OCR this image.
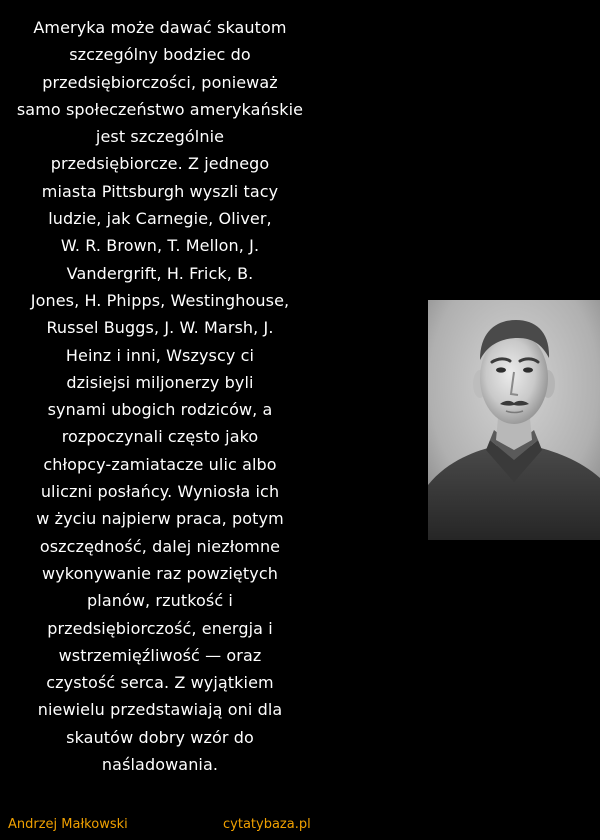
Ameryka może dawać skautom
szczególny bodziec do
przedsiębiorczości, ponieważ
samo społeczeństwo amerykańskie
jest szczególnie
przedsiębiorcze. Z jednego
miasta Pittsburgh wyszli tacy
ludzie, jak Carnegie, Oliver,
W. R. Brown, T. Mellon, J.
Vandergrift, H. Frick, B.
Jones, H. Phipps, Westinghouse,
Russel Buggs, J. W. Marsh, J.
Heinz i inni, Wszyscy ci
dzisiejsi miljonerzy byli
synami ubogich rodziców, a
rozpoczynali często jako
chłopcy-zamiatacze ulic albo
uliczni posłańcy. Wyniosła ich
w życiu najpierw praca, potym
oszczędność, dalej niezłomne
wykonywanie raz powziętych
planów, rzutkość i
przedsiębiorczość, energja i
wstrzemięźliwość — oraz
czystość serca. Z wyjątkiem
niewielu przedstawiają oni dla
skautów dobry wzór do
naśladowania.
Andrzej Małkowski	cytatybaza.pl
